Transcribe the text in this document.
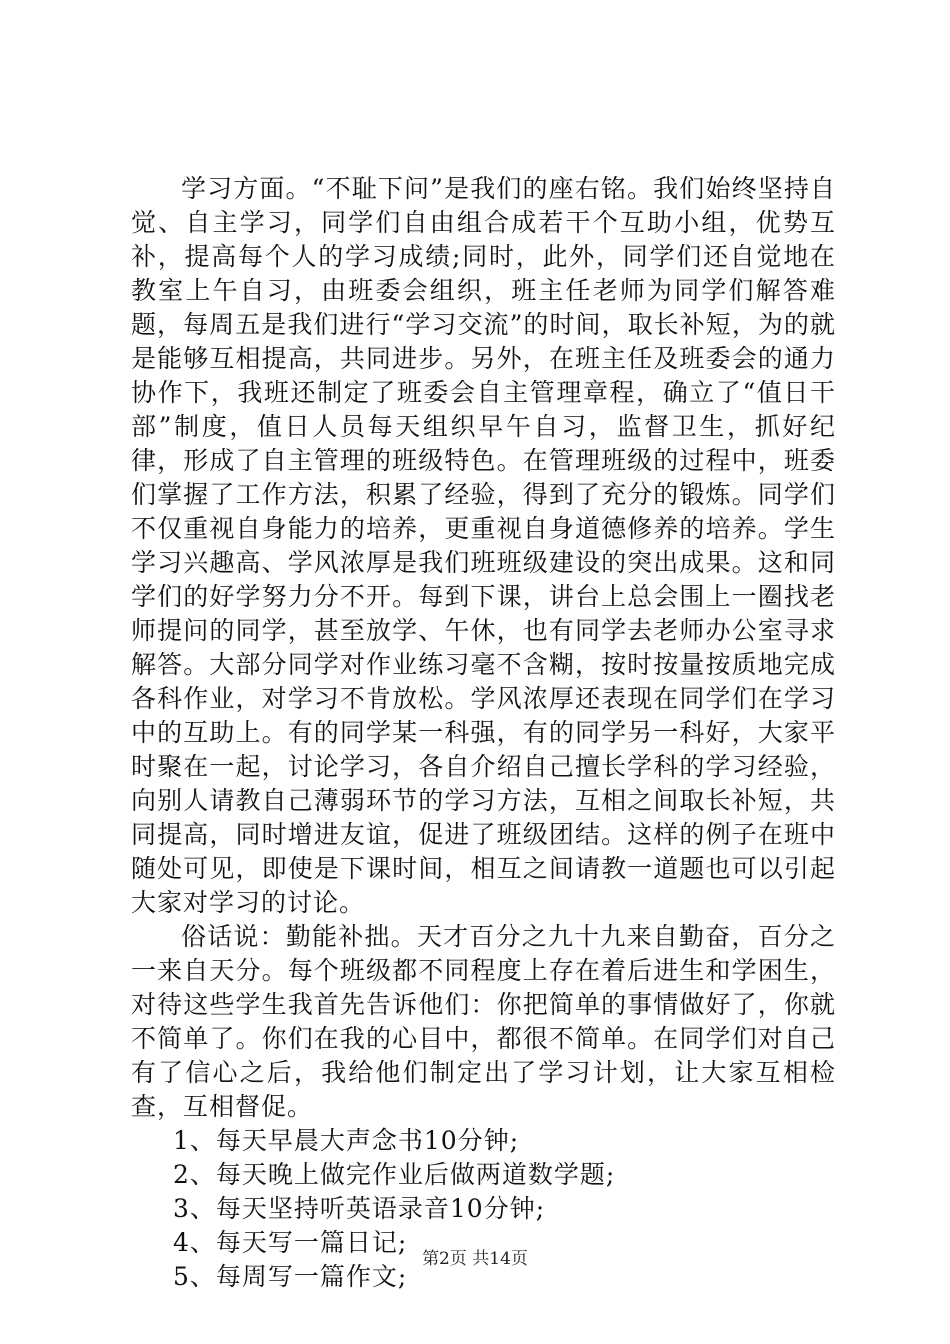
学习方面。“不耻下问”是我们的座右铭。我们始终坚持自觉、自主学习，同学们自由组合成若干个互助小组，优势互补，提高每个人的学习成绩;同时，此外，同学们还自觉地在教室上午自习，由班委会组织，班主任老师为同学们解答难题，每周五是我们进行“学习交流”的时间，取长补短，为的就是能够互相提高，共同进步。另外，在班主任及班委会的通力协作下，我班还制定了班委会自主管理章程，确立了“值日干部”制度，值日人员每天组织早午自习，监督卫生，抓好纪律，形成了自主管理的班级特色。在管理班级的过程中，班委们掌握了工作方法，积累了经验，得到了充分的锻炼。同学们不仅重视自身能力的培养，更重视自身道德修养的培养。学生学习兴趣高、学风浓厚是我们班班级建设的突出成果。这和同学们的好学努力分不开。每到下课，讲台上总会围上一圈找老师提问的同学，甚至放学、午休，也有同学去老师办公室寻求解答。大部分同学对作业练习毫不含糊，按时按量按质地完成各科作业，对学习不肯放松。学风浓厚还表现在同学们在学习中的互助上。有的同学某一科强，有的同学另一科好，大家平时聚在一起，讨论学习，各自介绍自己擅长学科的学习经验，向别人请教自己薄弱环节的学习方法，互相之间取长补短，共同提高，同时增进友谊，促进了班级团结。这样的例子在班中随处可见，即使是下课时间，相互之间请教一道题也可以引起大家对学习的讨论。

俗话说：勤能补拙。天才百分之九十九来自勤奋，百分之一来自天分。每个班级都不同程度上存在着后进生和学困生，对待这些学生我首先告诉他们：你把简单的事情做好了，你就不简单了。你们在我的心目中，都很不简单。在同学们对自己有了信心之后，我给他们制定出了学习计划，让大家互相检查，互相督促。

1、每天早晨大声念书10分钟;

2、每天晚上做完作业后做两道数学题;

3、每天坚持听英语录音10分钟;

4、每天写一篇日记;

5、每周写一篇作文;

第2页 共14页
